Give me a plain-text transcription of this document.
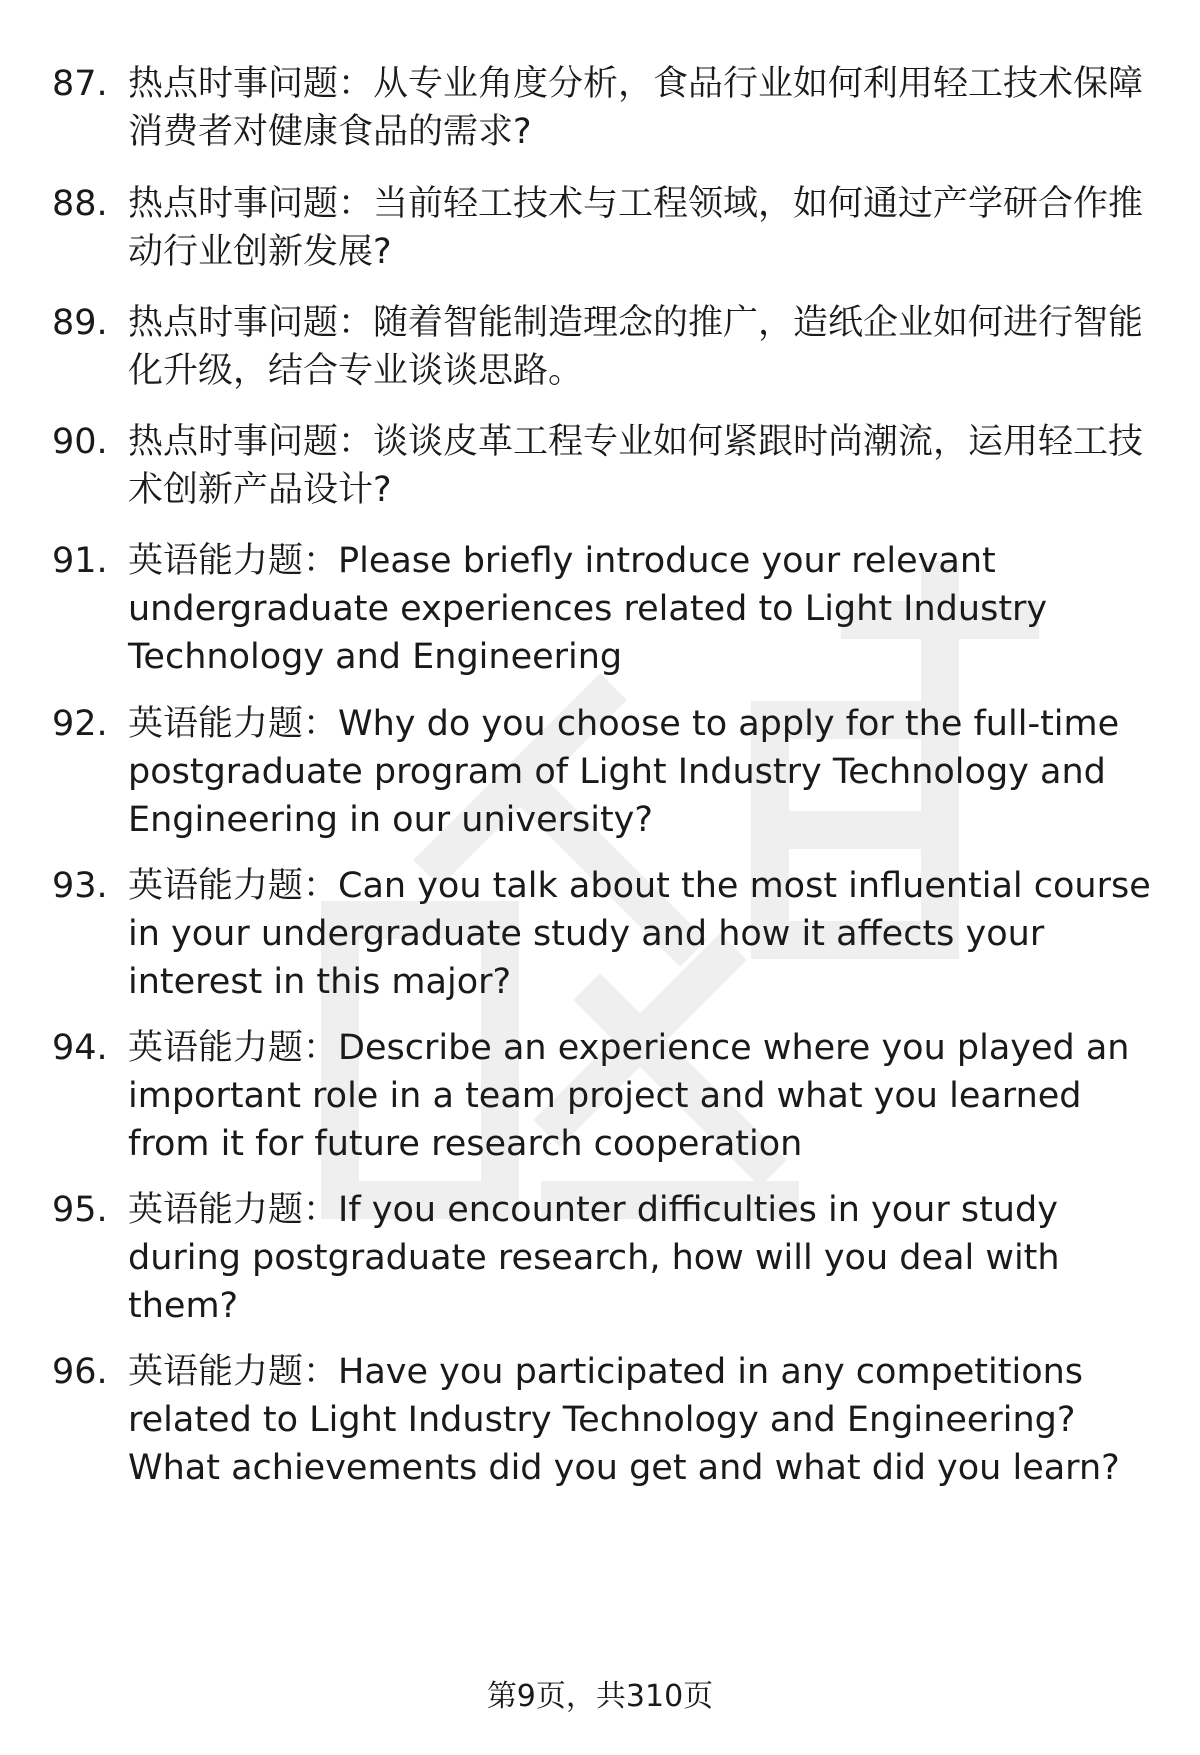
87. 热点时事问题：从专业角度分析，食品行业如何利用轻工技术保障消费者对健康食品的需求?
88. 热点时事问题：当前轻工技术与工程领域，如何通过产学研合作推动行业创新发展?
89. 热点时事问题：随着智能制造理念的推广，造纸企业如何进行智能化升级，结合专业谈谈思路。
90. 热点时事问题：谈谈皮革工程专业如何紧跟时尚潮流，运用轻工技术创新产品设计?
91. 英语能力题：Please briefly introduce your relevant undergraduate experiences related to Light Industry Technology and Engineering
92. 英语能力题：Why do you choose to apply for the full-time postgraduate program of Light Industry Technology and Engineering in our university?
93. 英语能力题：Can you talk about the most influential course in your undergraduate study and how it affects your interest in this major?
94. 英语能力题：Describe an experience where you played an important role in a team project and what you learned from it for future research cooperation
95. 英语能力题：If you encounter difficulties in your study during postgraduate research, how will you deal with them?
96. 英语能力题：Have you participated in any competitions related to Light Industry Technology and Engineering? What achievements did you get and what did you learn?
第9页，共310页
